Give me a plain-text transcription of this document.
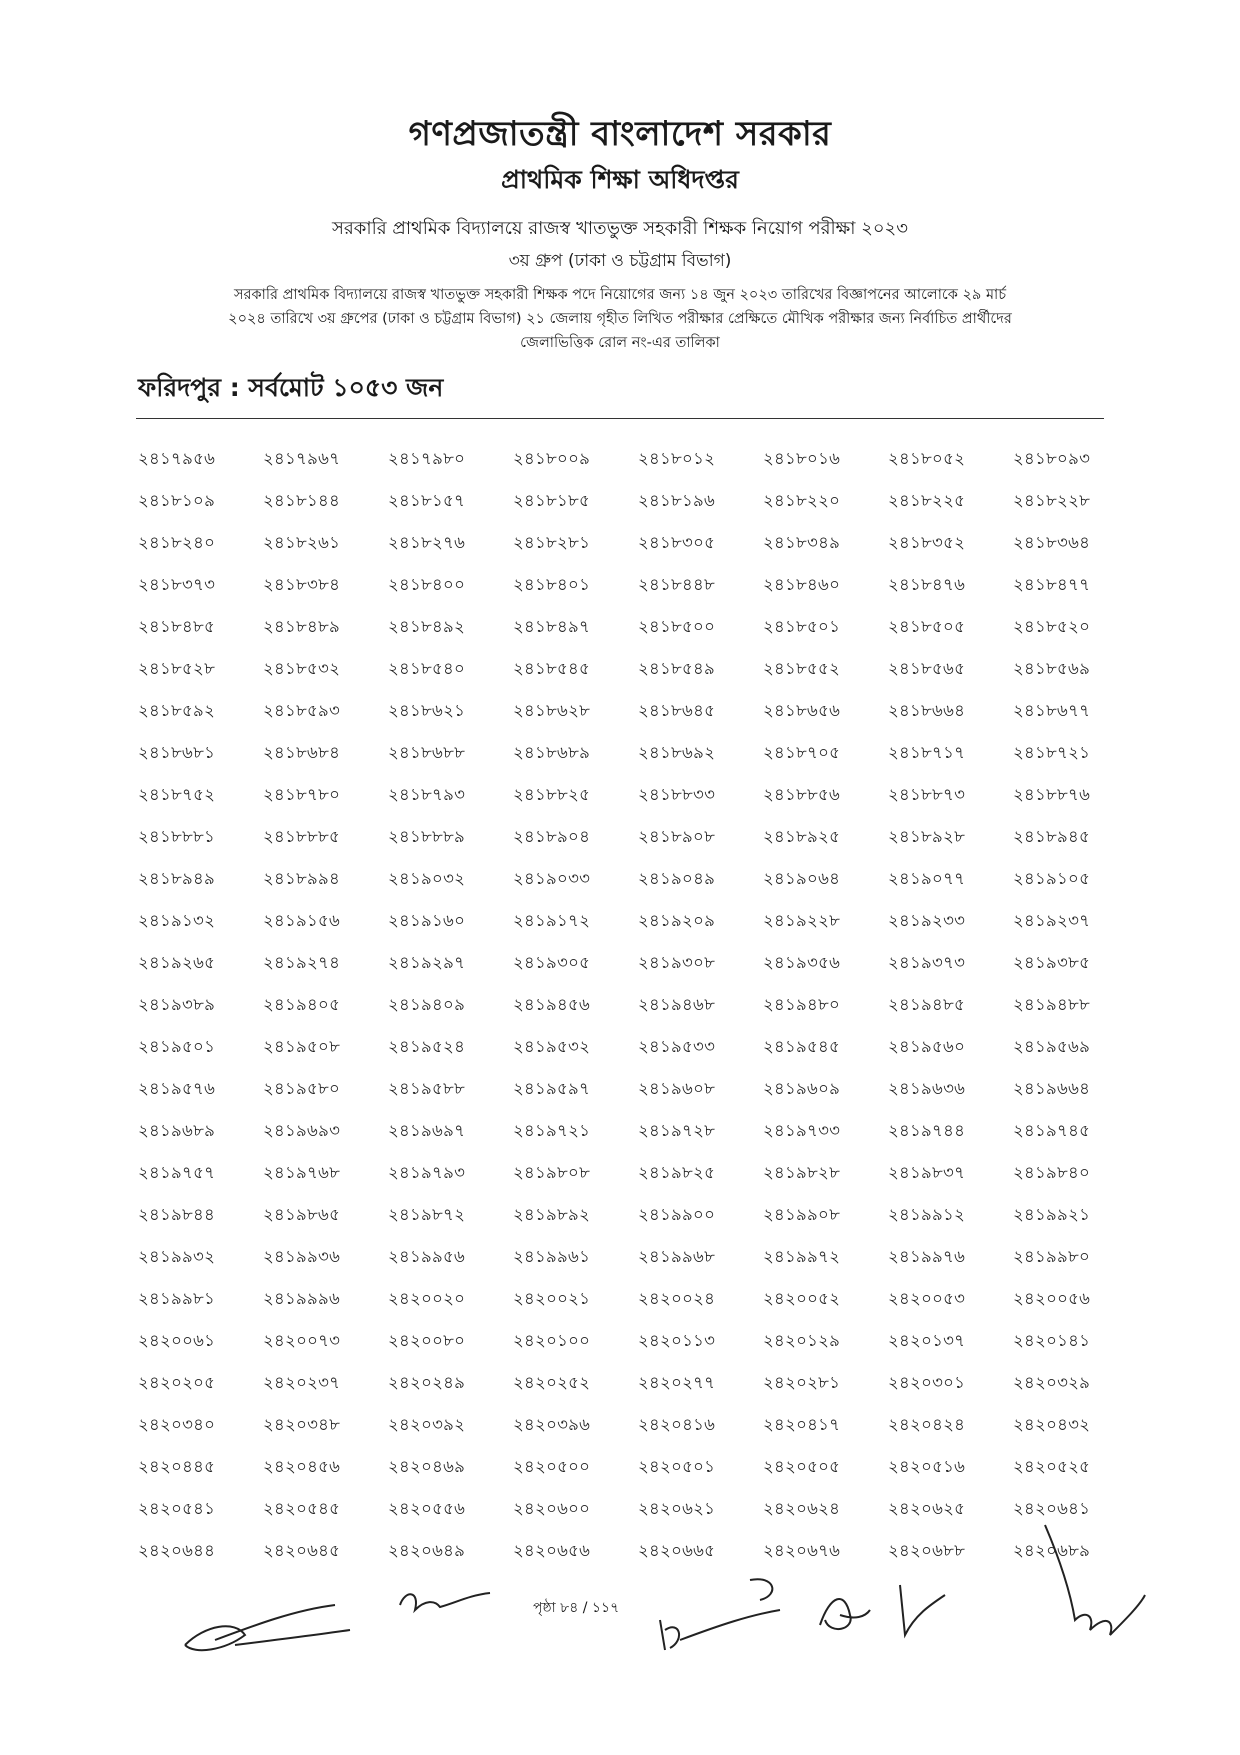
গণপ্রজাতন্ত্রী বাংলাদেশ সরকার
প্রাথমিক শিক্ষা অধিদপ্তর
সরকারি প্রাথমিক বিদ্যালয়ে রাজস্ব খাতভুক্ত সহকারী শিক্ষক নিয়োগ পরীক্ষা ২০২৩
৩য় গ্রুপ (ঢাকা ও চট্টগ্রাম বিভাগ)
সরকারি প্রাথমিক বিদ্যালয়ে রাজস্ব খাতভুক্ত সহকারী শিক্ষক পদে নিয়োগের জন্য ১৪ জুন ২০২৩ তারিখের বিজ্ঞাপনের আলোকে ২৯ মার্চ
২০২৪ তারিখে ৩য় গ্রুপের (ঢাকা ও চট্টগ্রাম বিভাগ) ২১ জেলায় গৃহীত লিখিত পরীক্ষার প্রেক্ষিতে মৌখিক পরীক্ষার জন্য নির্বাচিত প্রার্থীদের
জেলাভিত্তিক রোল নং-এর তালিকা
ফরিদপুর : সর্বমোট ১০৫৩ জন
২৪১৭৯৫৬	২৪১৭৯৬৭	২৪১৭৯৮০	২৪১৮০০৯	২৪১৮০১২	২৪১৮০১৬	২৪১৮০৫২	২৪১৮০৯৩
২৪১৮১০৯	২৪১৮১৪৪	২৪১৮১৫৭	২৪১৮১৮৫	২৪১৮১৯৬	২৪১৮২২০	২৪১৮২২৫	২৪১৮২২৮
২৪১৮২৪০	২৪১৮২৬১	২৪১৮২৭৬	২৪১৮২৮১	২৪১৮৩০৫	২৪১৮৩৪৯	২৪১৮৩৫২	২৪১৮৩৬৪
২৪১৮৩৭৩	২৪১৮৩৮৪	২৪১৮৪০০	২৪১৮৪০১	২৪১৮৪৪৮	২৪১৮৪৬০	২৪১৮৪৭৬	২৪১৮৪৭৭
২৪১৮৪৮৫	২৪১৮৪৮৯	২৪১৮৪৯২	২৪১৮৪৯৭	২৪১৮৫০০	২৪১৮৫০১	২৪১৮৫০৫	২৪১৮৫২০
২৪১৮৫২৮	২৪১৮৫৩২	২৪১৮৫৪০	২৪১৮৫৪৫	২৪১৮৫৪৯	২৪১৮৫৫২	২৪১৮৫৬৫	২৪১৮৫৬৯
২৪১৮৫৯২	২৪১৮৫৯৩	২৪১৮৬২১	২৪১৮৬২৮	২৪১৮৬৪৫	২৪১৮৬৫৬	২৪১৮৬৬৪	২৪১৮৬৭৭
২৪১৮৬৮১	২৪১৮৬৮৪	২৪১৮৬৮৮	২৪১৮৬৮৯	২৪১৮৬৯২	২৪১৮৭০৫	২৪১৮৭১৭	২৪১৮৭২১
২৪১৮৭৫২	২৪১৮৭৮০	২৪১৮৭৯৩	২৪১৮৮২৫	২৪১৮৮৩৩	২৪১৮৮৫৬	২৪১৮৮৭৩	২৪১৮৮৭৬
২৪১৮৮৮১	২৪১৮৮৮৫	২৪১৮৮৮৯	২৪১৮৯০৪	২৪১৮৯০৮	২৪১৮৯২৫	২৪১৮৯২৮	২৪১৮৯৪৫
২৪১৮৯৪৯	২৪১৮৯৯৪	২৪১৯০৩২	২৪১৯০৩৩	২৪১৯০৪৯	২৪১৯০৬৪	২৪১৯০৭৭	২৪১৯১০৫
২৪১৯১৩২	২৪১৯১৫৬	২৪১৯১৬০	২৪১৯১৭২	২৪১৯২০৯	২৪১৯২২৮	২৪১৯২৩৩	২৪১৯২৩৭
২৪১৯২৬৫	২৪১৯২৭৪	২৪১৯২৯৭	২৪১৯৩০৫	২৪১৯৩০৮	২৪১৯৩৫৬	২৪১৯৩৭৩	২৪১৯৩৮৫
২৪১৯৩৮৯	২৪১৯৪০৫	২৪১৯৪০৯	২৪১৯৪৫৬	২৪১৯৪৬৮	২৪১৯৪৮০	২৪১৯৪৮৫	২৪১৯৪৮৮
২৪১৯৫০১	২৪১৯৫০৮	২৪১৯৫২৪	২৪১৯৫৩২	২৪১৯৫৩৩	২৪১৯৫৪৫	২৪১৯৫৬০	২৪১৯৫৬৯
২৪১৯৫৭৬	২৪১৯৫৮০	২৪১৯৫৮৮	২৪১৯৫৯৭	২৪১৯৬০৮	২৪১৯৬০৯	২৪১৯৬৩৬	২৪১৯৬৬৪
২৪১৯৬৮৯	২৪১৯৬৯৩	২৪১৯৬৯৭	২৪১৯৭২১	২৪১৯৭২৮	২৪১৯৭৩৩	২৪১৯৭৪৪	২৪১৯৭৪৫
২৪১৯৭৫৭	২৪১৯৭৬৮	২৪১৯৭৯৩	২৪১৯৮০৮	২৪১৯৮২৫	২৪১৯৮২৮	২৪১৯৮৩৭	২৪১৯৮৪০
২৪১৯৮৪৪	২৪১৯৮৬৫	২৪১৯৮৭২	২৪১৯৮৯২	২৪১৯৯০০	২৪১৯৯০৮	২৪১৯৯১২	২৪১৯৯২১
২৪১৯৯৩২	২৪১৯৯৩৬	২৪১৯৯৫৬	২৪১৯৯৬১	২৪১৯৯৬৮	২৪১৯৯৭২	২৪১৯৯৭৬	২৪১৯৯৮০
২৪১৯৯৮১	২৪১৯৯৯৬	২৪২০০২০	২৪২০০২১	২৪২০০২৪	২৪২০০৫২	২৪২০০৫৩	২৪২০০৫৬
২৪২০০৬১	২৪২০০৭৩	২৪২০০৮০	২৪২০১০০	২৪২০১১৩	২৪২০১২৯	২৪২০১৩৭	২৪২০১৪১
২৪২০২০৫	২৪২০২৩৭	২৪২০২৪৯	২৪২০২৫২	২৪২০২৭৭	২৪২০২৮১	২৪২০৩০১	২৪২০৩২৯
২৪২০৩৪০	২৪২০৩৪৮	২৪২০৩৯২	২৪২০৩৯৬	২৪২০৪১৬	২৪২০৪১৭	২৪২০৪২৪	২৪২০৪৩২
২৪২০৪৪৫	২৪২০৪৫৬	২৪২০৪৬৯	২৪২০৫০০	২৪২০৫০১	২৪২০৫০৫	২৪২০৫১৬	২৪২০৫২৫
২৪২০৫৪১	২৪২০৫৪৫	২৪২০৫৫৬	২৪২০৬০০	২৪২০৬২১	২৪২০৬২৪	২৪২০৬২৫	২৪২০৬৪১
২৪২০৬৪৪	২৪২০৬৪৫	২৪২০৬৪৯	২৪২০৬৫৬	২৪২০৬৬৫	২৪২০৬৭৬	২৪২০৬৮৮	২৪২০৬৮৯
পৃষ্ঠা ৮৪ / ১১৭
